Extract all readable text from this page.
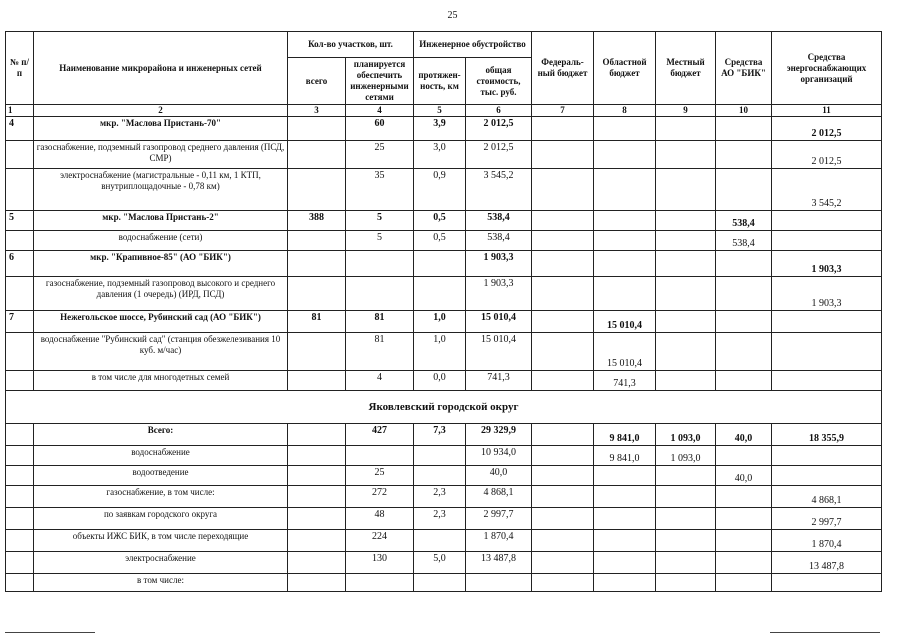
25
№ п/п	Наименование микрорайона и инженерных сетей	Кол-во участков, шт.		Инженерное обустройство		Федераль-ный бюджет	Областной бюджет	Местный бюджет	Средства АО "БИК"	Средства энергоснабжающих организаций
		всего	планируется обеспечить инженерными сетями	протяжен-ность, км	общая стоимость, тыс. руб.					
1	2	3	4	5	6	7	8	9	10	11
4	мкр. "Маслова Пристань-70"		60	3,9	2 012,5					2 012,5
	газоснабжение, подземный газопровод среднего давления (ПСД, СМР)		25	3,0	2 012,5					2 012,5
	электроснабжение (магистральные - 0,11 км, 1 КТП, внутриплощадочные - 0,78 км)		35	0,9	3 545,2					3 545,2
5	мкр. "Маслова Пристань-2"	388	5	0,5	538,4				538,4	
	водоснабжение (сети)		5	0,5	538,4				538,4	
6	мкр. "Крапивное-85" (АО "БИК")				1 903,3					1 903,3
	газоснабжение, подземный газопровод высокого и среднего давления (1 очередь) (ИРД, ПСД)				1 903,3					1 903,3
7	Нежегольское шоссе, Рубинский сад (АО "БИК")	81	81	1,0	15 010,4		15 010,4			
	водоснабжение "Рубинский сад" (станция обезжелезивания 10 куб. м/час)		81	1,0	15 010,4		15 010,4			
	в том числе для многодетных семей		4	0,0	741,3		741,3			
Яковлевский городской округ										
	Всего:		427	7,3	29 329,9		9 841,0	1 093,0	40,0	18 355,9
	водоснабжение				10 934,0		9 841,0	1 093,0		
	водоотведение		25		40,0				40,0	
	газоснабжение, в том числе:		272	2,3	4 868,1					4 868,1
	по заявкам городского округа		48	2,3	2 997,7					2 997,7
	объекты ИЖС БИК, в том числе переходящие		224		1 870,4					1 870,4
	электроснабжение		130	5,0	13 487,8					13 487,8
	в том числе:									
